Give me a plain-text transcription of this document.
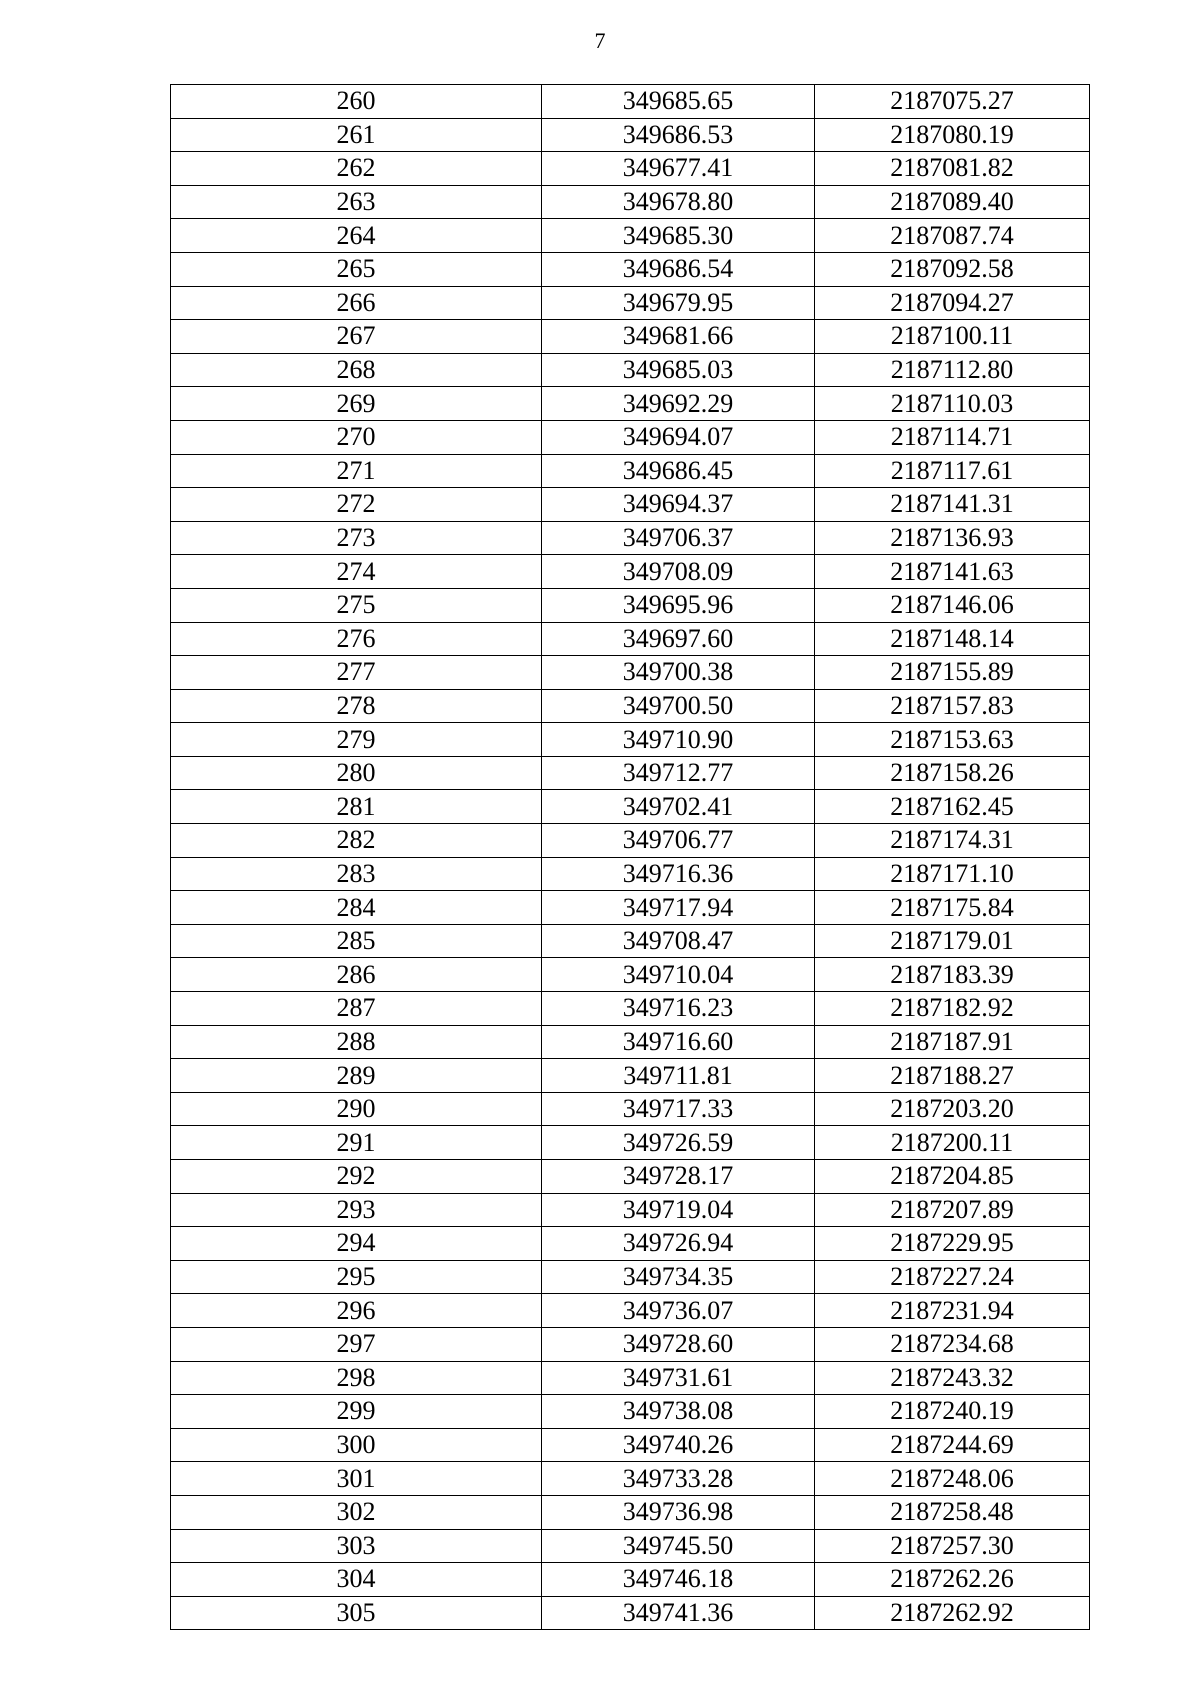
7
260	349685.65	2187075.27
261	349686.53	2187080.19
262	349677.41	2187081.82
263	349678.80	2187089.40
264	349685.30	2187087.74
265	349686.54	2187092.58
266	349679.95	2187094.27
267	349681.66	2187100.11
268	349685.03	2187112.80
269	349692.29	2187110.03
270	349694.07	2187114.71
271	349686.45	2187117.61
272	349694.37	2187141.31
273	349706.37	2187136.93
274	349708.09	2187141.63
275	349695.96	2187146.06
276	349697.60	2187148.14
277	349700.38	2187155.89
278	349700.50	2187157.83
279	349710.90	2187153.63
280	349712.77	2187158.26
281	349702.41	2187162.45
282	349706.77	2187174.31
283	349716.36	2187171.10
284	349717.94	2187175.84
285	349708.47	2187179.01
286	349710.04	2187183.39
287	349716.23	2187182.92
288	349716.60	2187187.91
289	349711.81	2187188.27
290	349717.33	2187203.20
291	349726.59	2187200.11
292	349728.17	2187204.85
293	349719.04	2187207.89
294	349726.94	2187229.95
295	349734.35	2187227.24
296	349736.07	2187231.94
297	349728.60	2187234.68
298	349731.61	2187243.32
299	349738.08	2187240.19
300	349740.26	2187244.69
301	349733.28	2187248.06
302	349736.98	2187258.48
303	349745.50	2187257.30
304	349746.18	2187262.26
305	349741.36	2187262.92
